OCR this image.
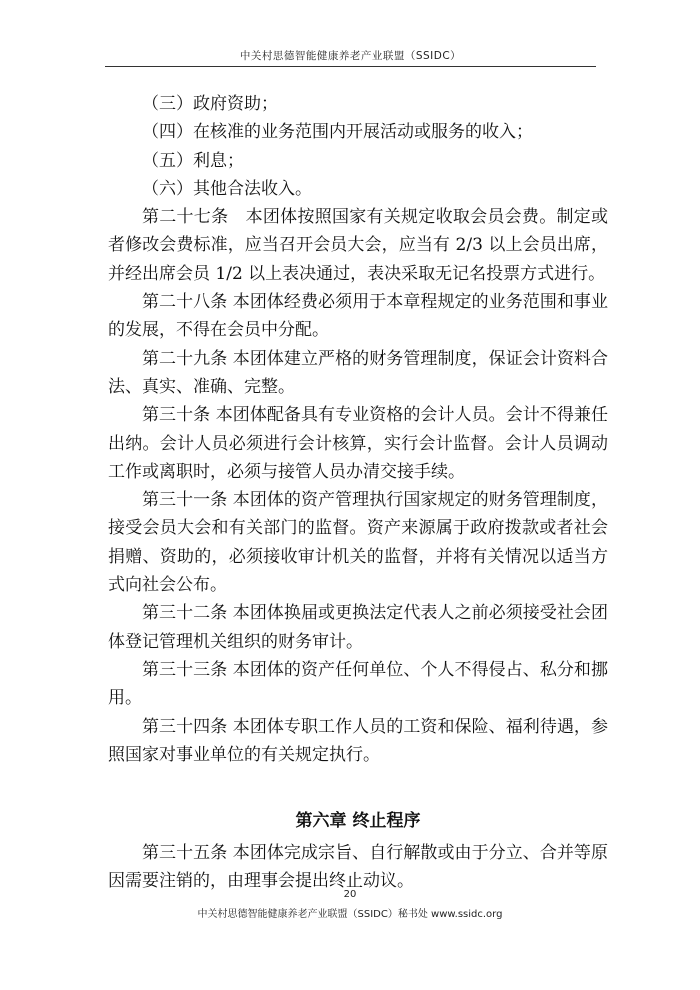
中关村思德智能健康养老产业联盟（SSIDC）

（三）政府资助；

（四）在核准的业务范围内开展活动或服务的收入；

（五）利息；

（六）其他合法收入。

第二十七条　本团体按照国家有关规定收取会员会费。制定或者修改会费标准，应当召开会员大会，应当有 2/3 以上会员出席，并经出席会员 1/2 以上表决通过，表决采取无记名投票方式进行。

第二十八条 本团体经费必须用于本章程规定的业务范围和事业的发展，不得在会员中分配。

第二十九条 本团体建立严格的财务管理制度，保证会计资料合法、真实、准确、完整。

第三十条 本团体配备具有专业资格的会计人员。会计不得兼任出纳。会计人员必须进行会计核算，实行会计监督。会计人员调动工作或离职时，必须与接管人员办清交接手续。

第三十一条 本团体的资产管理执行国家规定的财务管理制度，接受会员大会和有关部门的监督。资产来源属于政府拨款或者社会捐赠、资助的，必须接收审计机关的监督，并将有关情况以适当方式向社会公布。

第三十二条 本团体换届或更换法定代表人之前必须接受社会团体登记管理机关组织的财务审计。

第三十三条 本团体的资产任何单位、个人不得侵占、私分和挪用。

第三十四条 本团体专职工作人员的工资和保险、福利待遇，参照国家对事业单位的有关规定执行。

第六章 终止程序

第三十五条 本团体完成宗旨、自行解散或由于分立、合并等原因需要注销的，由理事会提出终止动议。

20
中关村思德智能健康养老产业联盟（SSIDC）秘书处 www.ssidc.org
